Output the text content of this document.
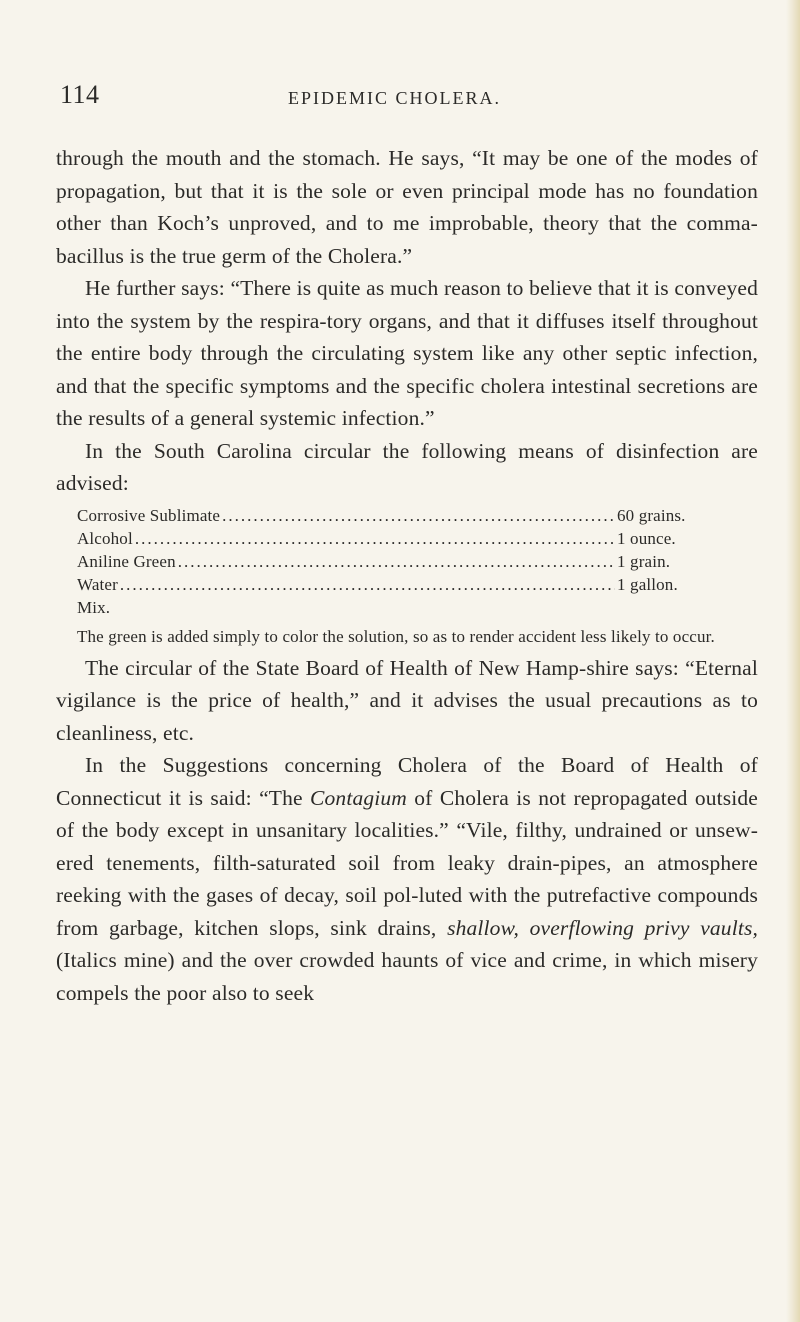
114	EPIDEMIC CHOLERA.

through the mouth and the stomach. He says, “It may be one of the modes of propagation, but that it is the sole or even principal mode has no foundation other than Koch’s unproved, and to me improbable, theory that the comma-bacillus is the true germ of the Cholera.”

He further says: “There is quite as much reason to believe that it is conveyed into the system by the respira-tory organs, and that it diffuses itself throughout the entire body through the circulating system like any other septic infection, and that the specific symptoms and the specific cholera intestinal secretions are the results of a general systemic infection.”

In the South Carolina circular the following means of disinfection are advised:

Corrosive Sublimate .....	60 grains.
Alcohol .....	1 ounce.
Aniline Green .....	1 grain.
Water .....	1 gallon.
Mix.

The green is added simply to color the solution, so as to render accident less likely to occur.

The circular of the State Board of Health of New Hamp-shire says: “Eternal vigilance is the price of health,” and it advises the usual precautions as to cleanliness, etc.

In the Suggestions concerning Cholera of the Board of Health of Connecticut it is said: “The Contagium of Cholera is not repropagated outside of the body except in unsanitary localities.” “Vile, filthy, undrained or unsew-ered tenements, filth-saturated soil from leaky drain-pipes, an atmosphere reeking with the gases of decay, soil pol-luted with the putrefactive compounds from garbage, kitchen slops, sink drains, shallow, overflowing privy vaults, (Italics mine) and the over crowded haunts of vice and crime, in which misery compels the poor also to seek
